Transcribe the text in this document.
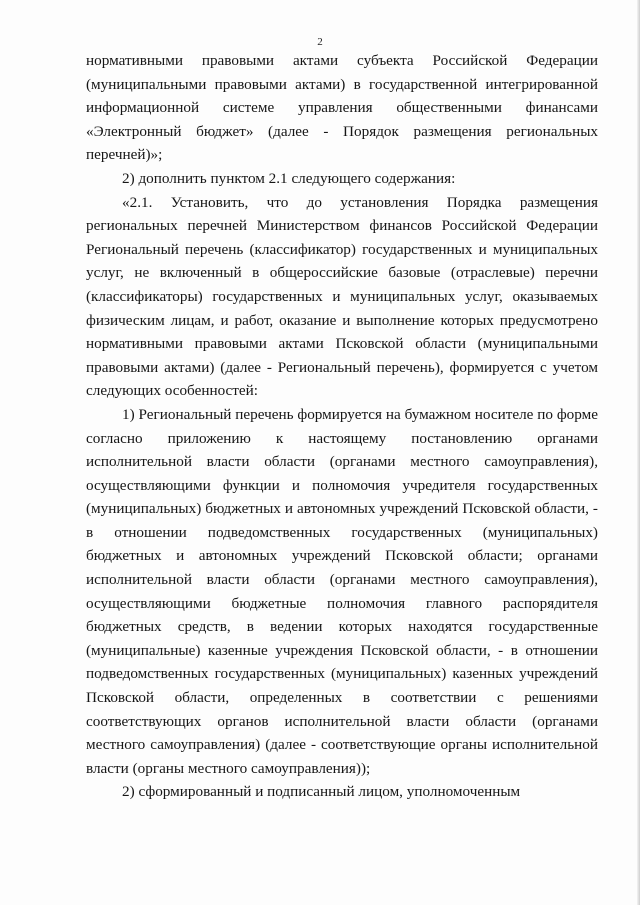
2

нормативными правовыми актами субъекта Российской Федерации (муниципальными правовыми актами) в государственной интегрированной информационной системе управления общественными финансами «Электронный бюджет» (далее - Порядок размещения региональных перечней)»;

2) дополнить пунктом 2.1 следующего содержания:

«2.1. Установить, что до установления Порядка размещения региональных перечней Министерством финансов Российской Федерации Региональный перечень (классификатор) государственных и муниципальных услуг, не включенный в общероссийские базовые (отраслевые) перечни (классификаторы) государственных и муниципальных услуг, оказываемых физическим лицам, и работ, оказание и выполнение которых предусмотрено нормативными правовыми актами Псковской области (муниципальными правовыми актами) (далее - Региональный перечень), формируется с учетом следующих особенностей:

1) Региональный перечень формируется на бумажном носителе по форме согласно приложению к настоящему постановлению органами исполнительной власти области (органами местного самоуправления), осуществляющими функции и полномочия учредителя государственных (муниципальных) бюджетных и автономных учреждений Псковской области, - в отношении подведомственных государственных (муниципальных) бюджетных и автономных учреждений Псковской области; органами исполнительной власти области (органами местного самоуправления), осуществляющими бюджетные полномочия главного распорядителя бюджетных средств, в ведении которых находятся государственные (муниципальные) казенные учреждения Псковской области, - в отношении подведомственных государственных (муниципальных) казенных учреждений Псковской области, определенных в соответствии с решениями соответствующих органов исполнительной власти области (органами местного самоуправления) (далее - соответствующие органы исполнительной власти (органы местного самоуправления));

2) сформированный и подписанный лицом, уполномоченным
